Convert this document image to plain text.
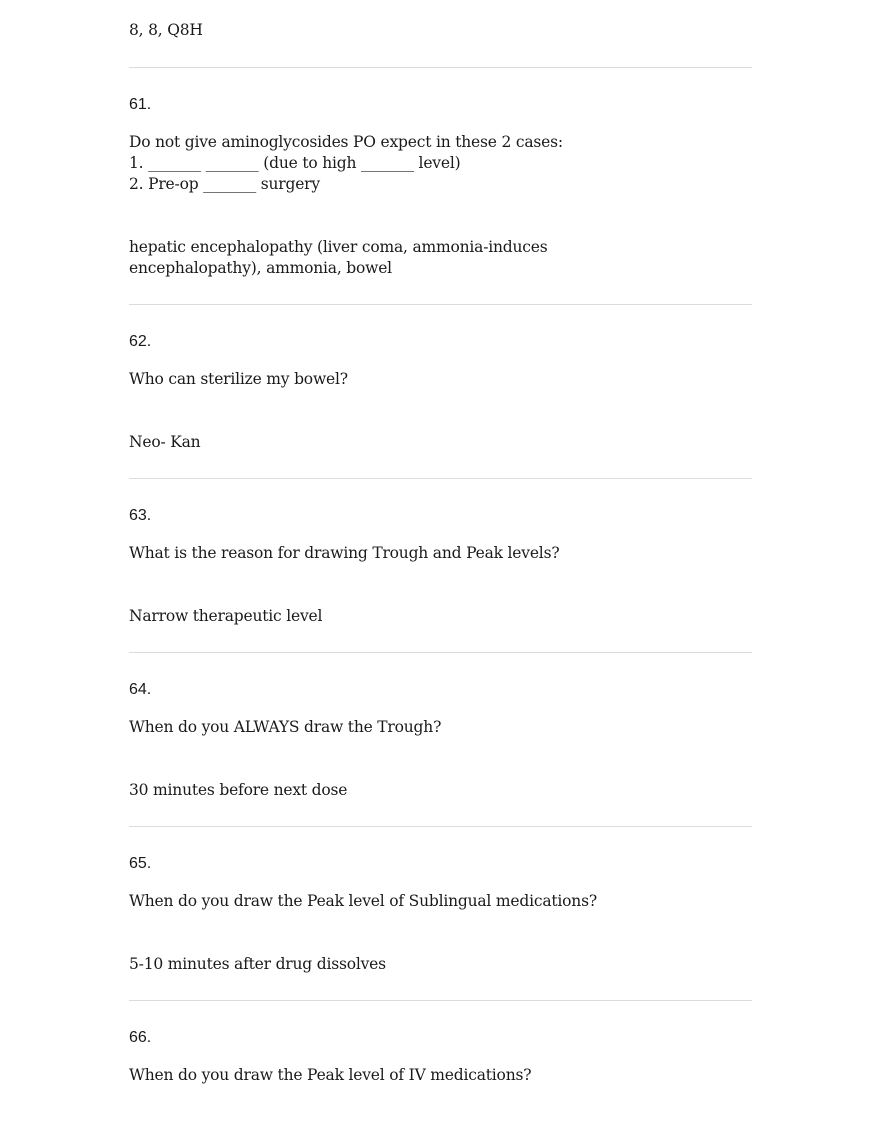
8, 8, Q8H
61.
Do not give aminoglycosides PO expect in these 2 cases:
1. _______ _______ (due to high _______ level)
2. Pre-op _______ surgery
hepatic encephalopathy (liver coma, ammonia-induces
encephalopathy), ammonia, bowel
62.
Who can sterilize my bowel?
Neo- Kan
63.
What is the reason for drawing Trough and Peak levels?
Narrow therapeutic level
64.
When do you ALWAYS draw the Trough?
30 minutes before next dose
65.
When do you draw the Peak level of Sublingual medications?
5-10 minutes after drug dissolves
66.
When do you draw the Peak level of IV medications?
